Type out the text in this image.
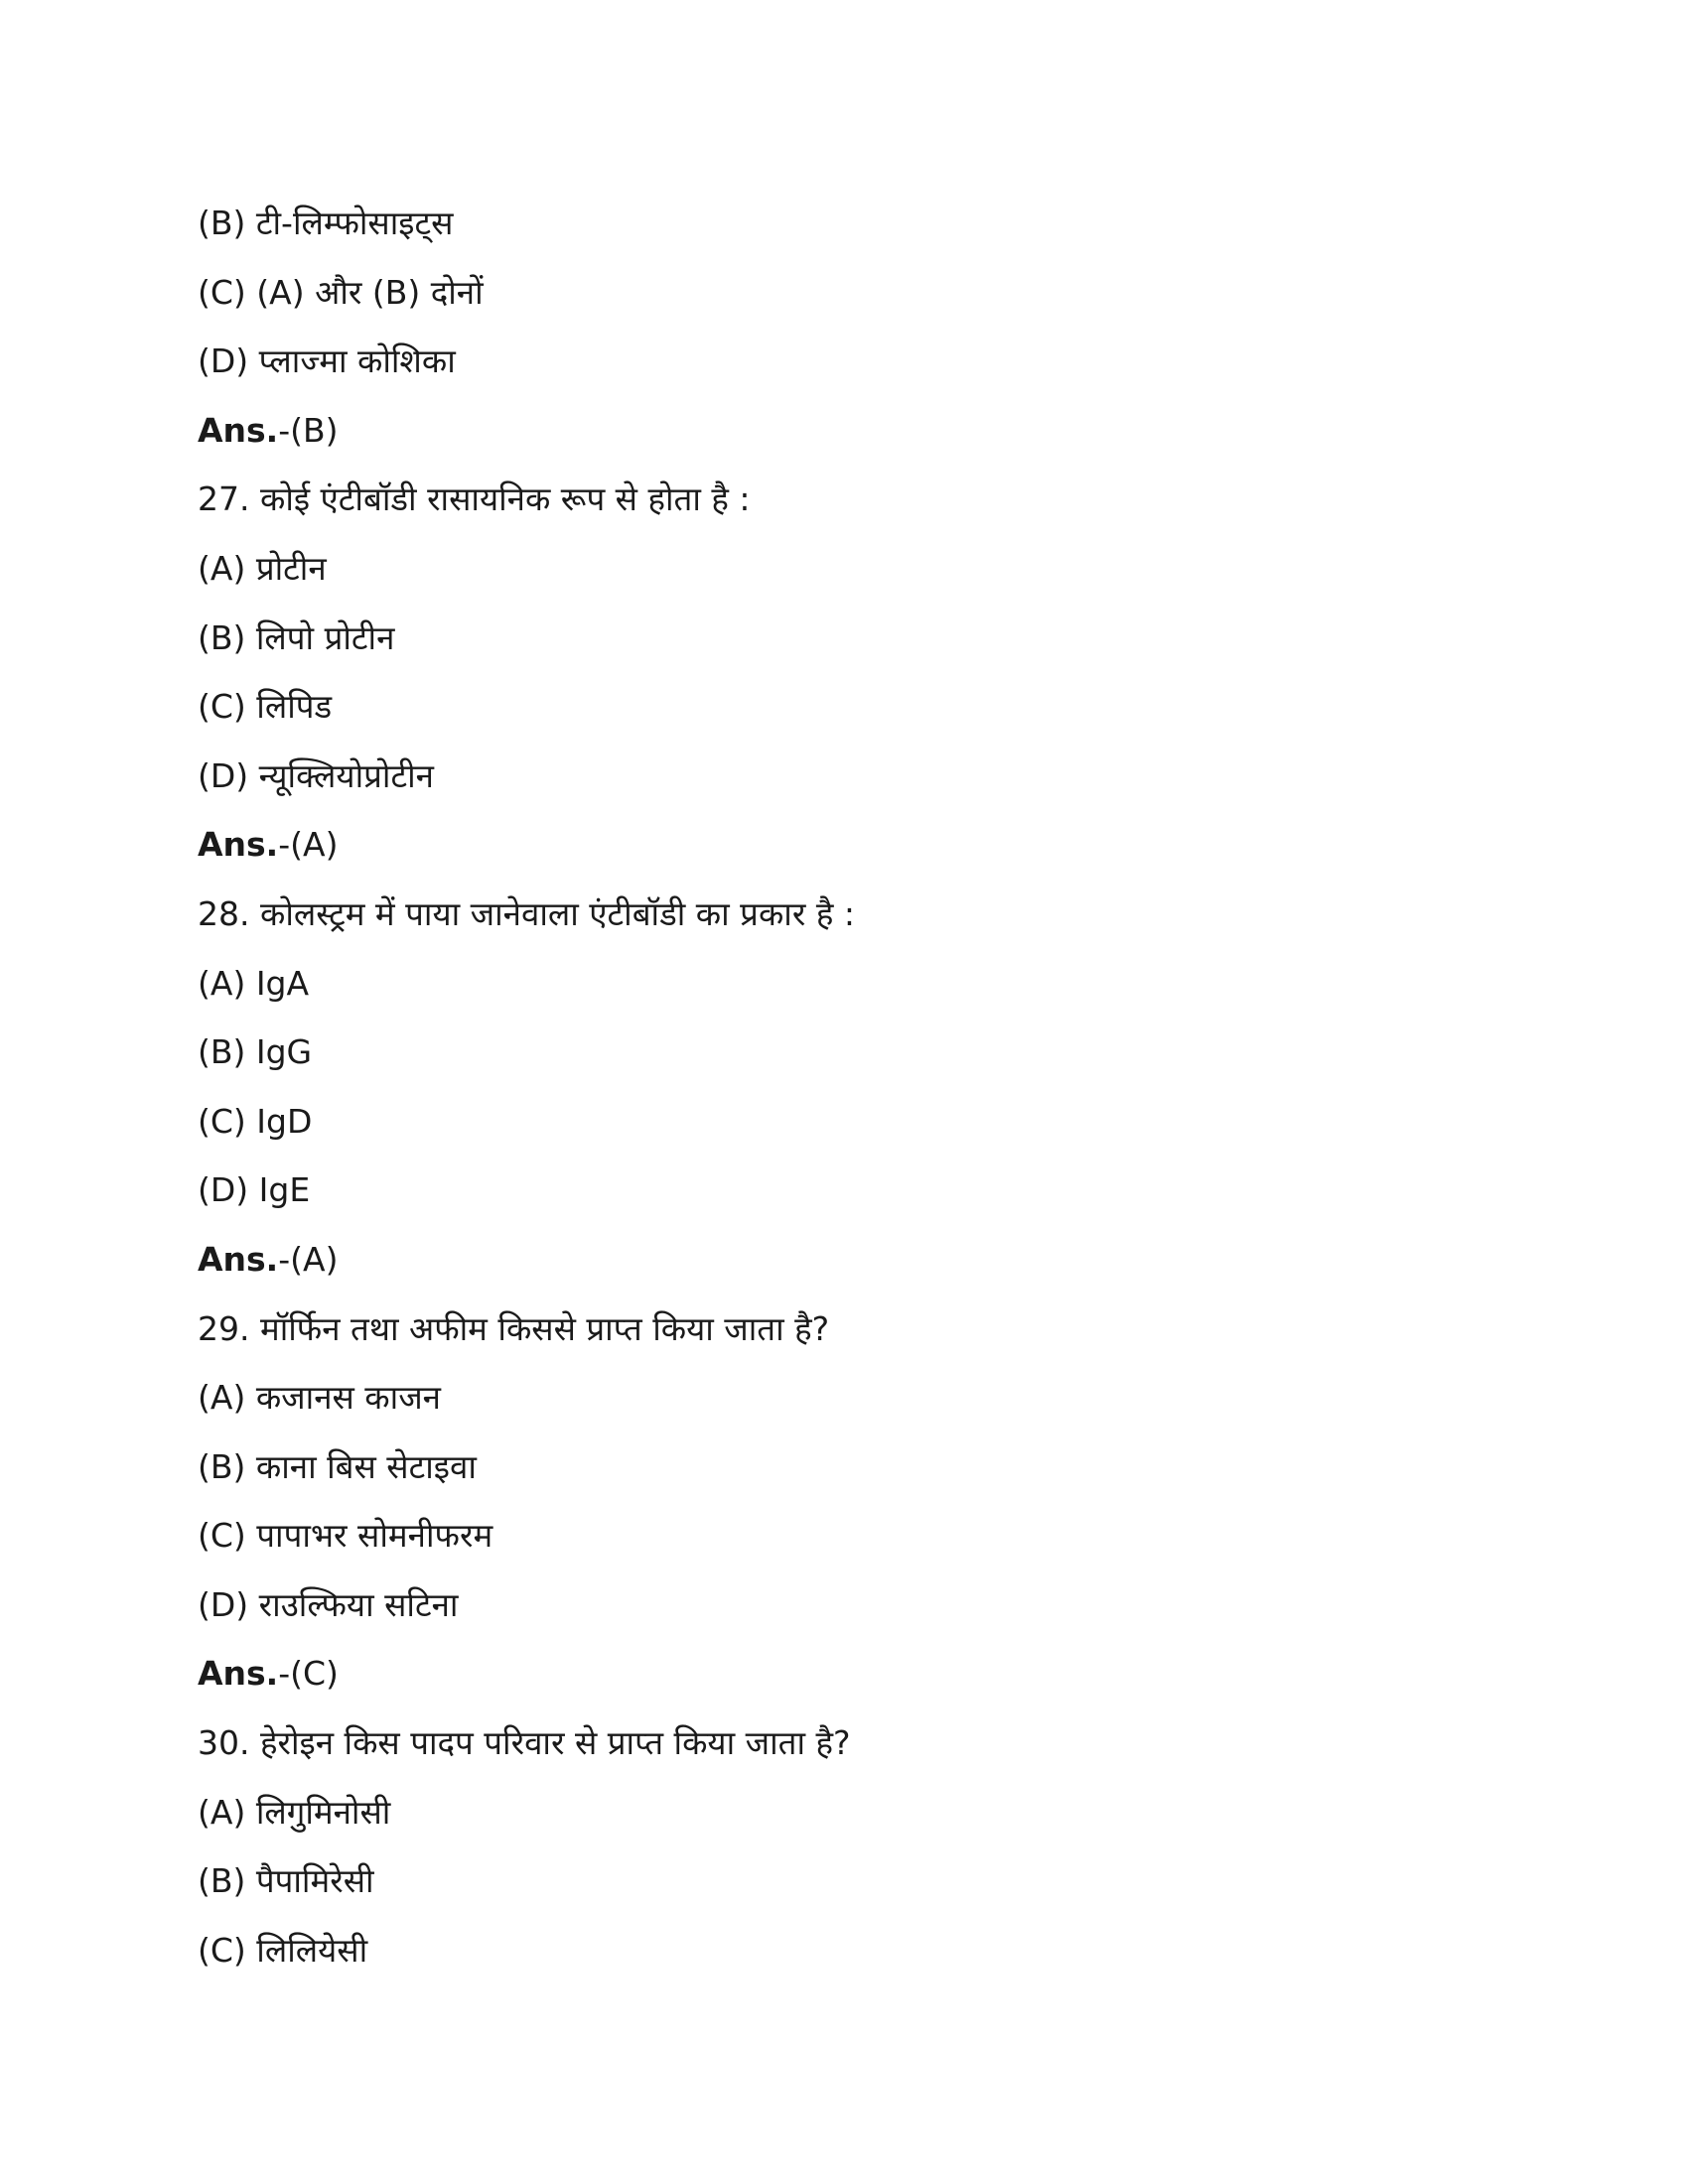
(B) टी-लिम्फोसाइट्स
(C) (A) और (B) दोनों
(D) प्लाज्मा कोशिका
Ans.-(B)
27. कोई एंटीबॉडी रासायनिक रूप से होता है :
(A) प्रोटीन
(B) लिपो प्रोटीन
(C) लिपिड
(D) न्यूक्लियोप्रोटीन
Ans.-(A)
28. कोलस्ट्रम में पाया जानेवाला एंटीबॉडी का प्रकार है :
(A) IgA
(B) IgG
(C) IgD
(D) IgE
Ans.-(A)
29. मॉर्फिन तथा अफीम किससे प्राप्त किया जाता है?
(A) कजानस काजन
(B) काना बिस सेटाइवा
(C) पापाभर सोमनीफरम
(D) राउल्फिया सटिना
Ans.-(C)
30. हेरोइन किस पादप परिवार से प्राप्त किया जाता है?
(A) लिगुमिनोसी
(B) पैपामिरेसी
(C) लिलियेसी
